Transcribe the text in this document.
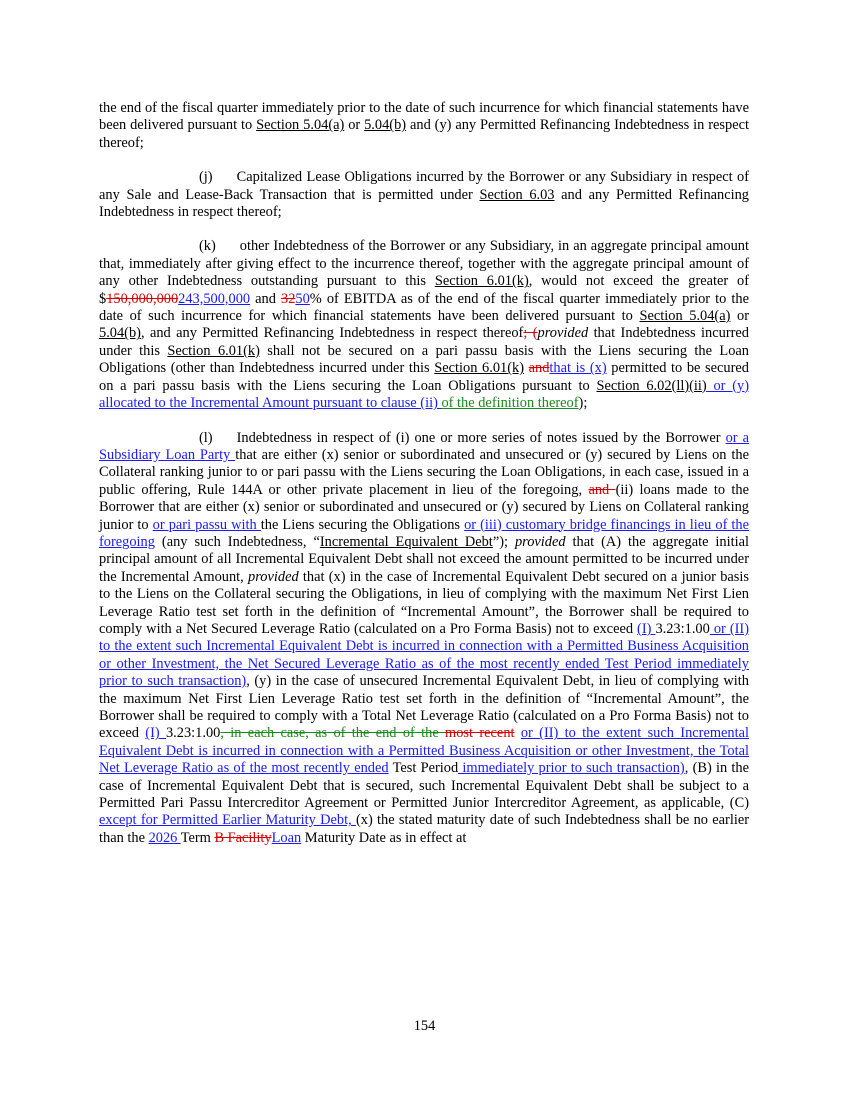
the end of the fiscal quarter immediately prior to the date of such incurrence for which financial statements have been delivered pursuant to Section 5.04(a) or 5.04(b) and (y) any Permitted Refinancing Indebtedness in respect thereof;

(j) Capitalized Lease Obligations incurred by the Borrower or any Subsidiary in respect of any Sale and Lease-Back Transaction that is permitted under Section 6.03 and any Permitted Refinancing Indebtedness in respect thereof;

(k) other Indebtedness of the Borrower or any Subsidiary, in an aggregate principal amount that, immediately after giving effect to the incurrence thereof, together with the aggregate principal amount of any other Indebtedness outstanding pursuant to this Section 6.01(k), would not exceed the greater of $150,000,000243,500,000 and 3250% of EBITDA as of the end of the fiscal quarter immediately prior to the date of such incurrence for which financial statements have been delivered pursuant to Section 5.04(a) or 5.04(b), and any Permitted Refinancing Indebtedness in respect thereof; (provided that Indebtedness incurred under this Section 6.01(k) shall not be secured on a pari passu basis with the Liens securing the Loan Obligations (other than Indebtedness incurred under this Section 6.01(k) andthat is (x) permitted to be secured on a pari passu basis with the Liens securing the Loan Obligations pursuant to Section 6.02(ll)(ii) or (y) allocated to the Incremental Amount pursuant to clause (ii) of the definition thereof);

(l) Indebtedness in respect of (i) one or more series of notes issued by the Borrower or a Subsidiary Loan Party that are either (x) senior or subordinated and unsecured or (y) secured by Liens on the Collateral ranking junior to or pari passu with the Liens securing the Loan Obligations, in each case, issued in a public offering, Rule 144A or other private placement in lieu of the foregoing, and (ii) loans made to the Borrower that are either (x) senior or subordinated and unsecured or (y) secured by Liens on Collateral ranking junior to or pari passu with the Liens securing the Obligations or (iii) customary bridge financings in lieu of the foregoing (any such Indebtedness, “Incremental Equivalent Debt”); provided that (A) the aggregate initial principal amount of all Incremental Equivalent Debt shall not exceed the amount permitted to be incurred under the Incremental Amount, provided that (x) in the case of Incremental Equivalent Debt secured on a junior basis to the Liens on the Collateral securing the Obligations, in lieu of complying with the maximum Net First Lien Leverage Ratio test set forth in the definition of “Incremental Amount”, the Borrower shall be required to comply with a Net Secured Leverage Ratio (calculated on a Pro Forma Basis) not to exceed (I) 3.23:1.00 or (II) to the extent such Incremental Equivalent Debt is incurred in connection with a Permitted Business Acquisition or other Investment, the Net Secured Leverage Ratio as of the most recently ended Test Period immediately prior to such transaction), (y) in the case of unsecured Incremental Equivalent Debt, in lieu of complying with the maximum Net First Lien Leverage Ratio test set forth in the definition of “Incremental Amount”, the Borrower shall be required to comply with a Total Net Leverage Ratio (calculated on a Pro Forma Basis) not to exceed (I) 3.23:1.00, in each case, as of the end of the most recent or (II) to the extent such Incremental Equivalent Debt is incurred in connection with a Permitted Business Acquisition or other Investment, the Total Net Leverage Ratio as of the most recently ended Test Period immediately prior to such transaction), (B) in the case of Incremental Equivalent Debt that is secured, such Incremental Equivalent Debt shall be subject to a Permitted Pari Passu Intercreditor Agreement or Permitted Junior Intercreditor Agreement, as applicable, (C) except for Permitted Earlier Maturity Debt, (x) the stated maturity date of such Indebtedness shall be no earlier than the 2026 Term B FacilityLoan Maturity Date as in effect at

154
